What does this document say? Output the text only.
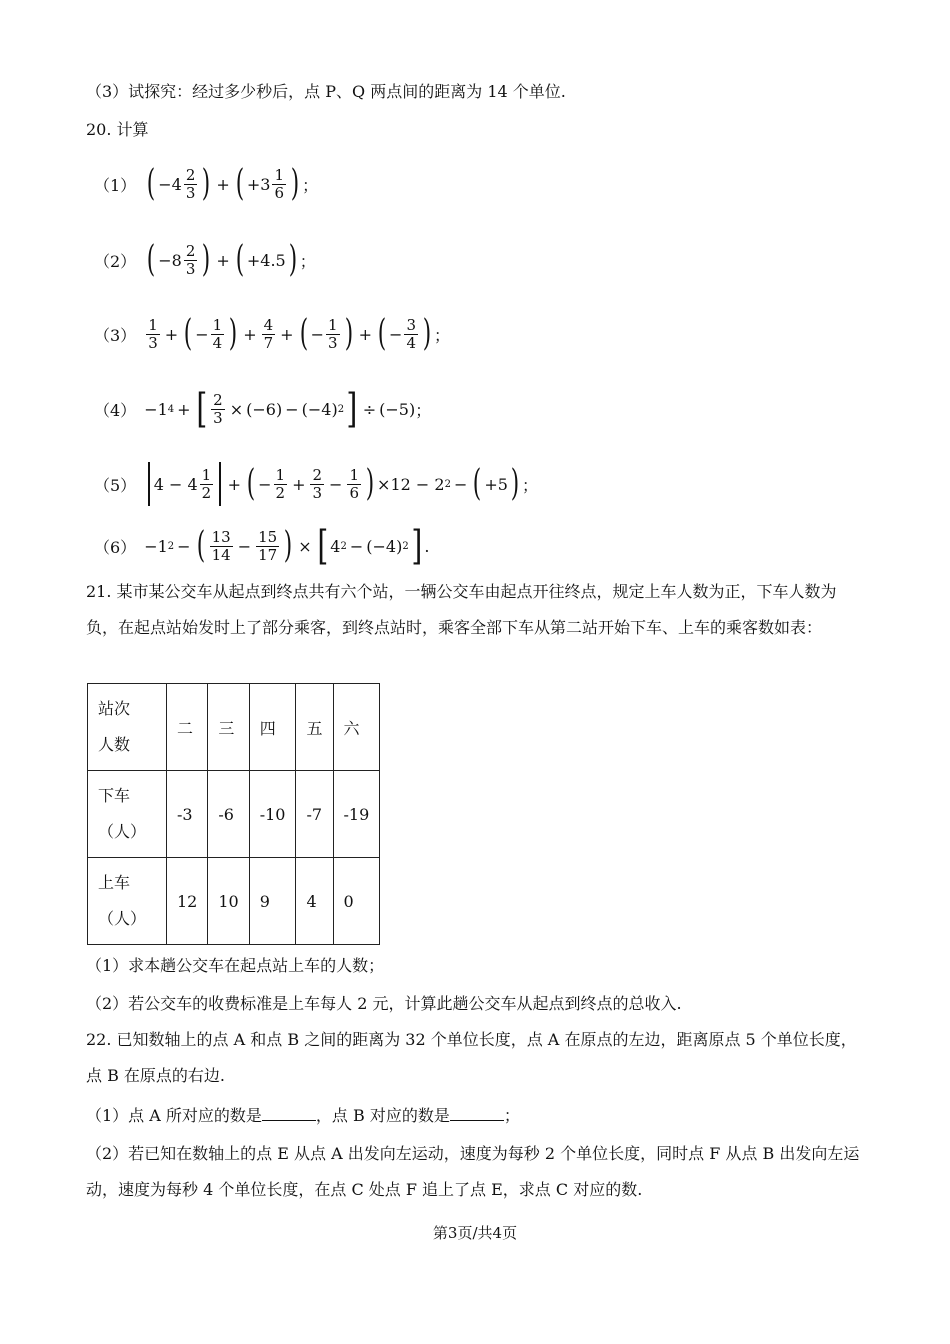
（3）试探究：经过多少秒后，点 P、Q 两点间的距离为 14 个单位.
20. 计算
（1） ( $-4 \frac{2}{3}$ ) + ( $+3 \frac{1}{6}$ ) ；
（2） ( $-8 \frac{2}{3}$ ) + ( +4.5 ) ；
$(3) \frac{1}{3}$ + ( − $\frac{1}{4}$ ) + $\frac{4}{7}$ + ( − $\frac{1}{3}$ ) + ( − $\frac{3}{4}$ ) ；
（4） −1 4 + [ $\frac{2}{3}$ × ( −6 ) − ( −4 ) 2 ] ÷ ( −5 ) ；
（5） $4 - 4 \frac{1}{2}$ + ( − $\frac{1}{2} + \frac{2}{3} - \frac{1}{6}$ ) ×12 − 2 2 − ( +5 ) ；
（6） −1 2 − ( $\frac{13}{14} - \frac{15}{17}$ ) × [ 4 2 − ( −4 ) 2 ] .
21. 某市某公交车从起点到终点共有六个站，一辆公交车由起点开往终点，规定上车人数为正，下车人数为负，在起点站始发时上了部分乘客，到终点站时，乘客全部下车从第二站开始下车、上车的乘客数如表：
站次
人数	二	三	四	五	六
下车
（人）	-3	-6	-10	-7	-19
上车
（人）	12	10	9	4	0
（1）求本趟公交车在起点站上车的人数；
（2）若公交车的收费标准是上车每人 2 元，计算此趟公交车从起点到终点的总收入.
22. 已知数轴上的点 A 和点 B 之间的距离为 32 个单位长度，点 A 在原点的左边，距离原点 5 个单位长度，点 B 在原点的右边.
（1）点 A 所对应的数是	，点 B 对应的数是	；
（2）若已知在数轴上的点 E 从点 A 出发向左运动，速度为每秒 2 个单位长度，同时点 F 从点 B 出发向左运动，速度为每秒 4 个单位长度，在点 C 处点 F 追上了点 E，求点 C 对应的数.
第3页/共4页
